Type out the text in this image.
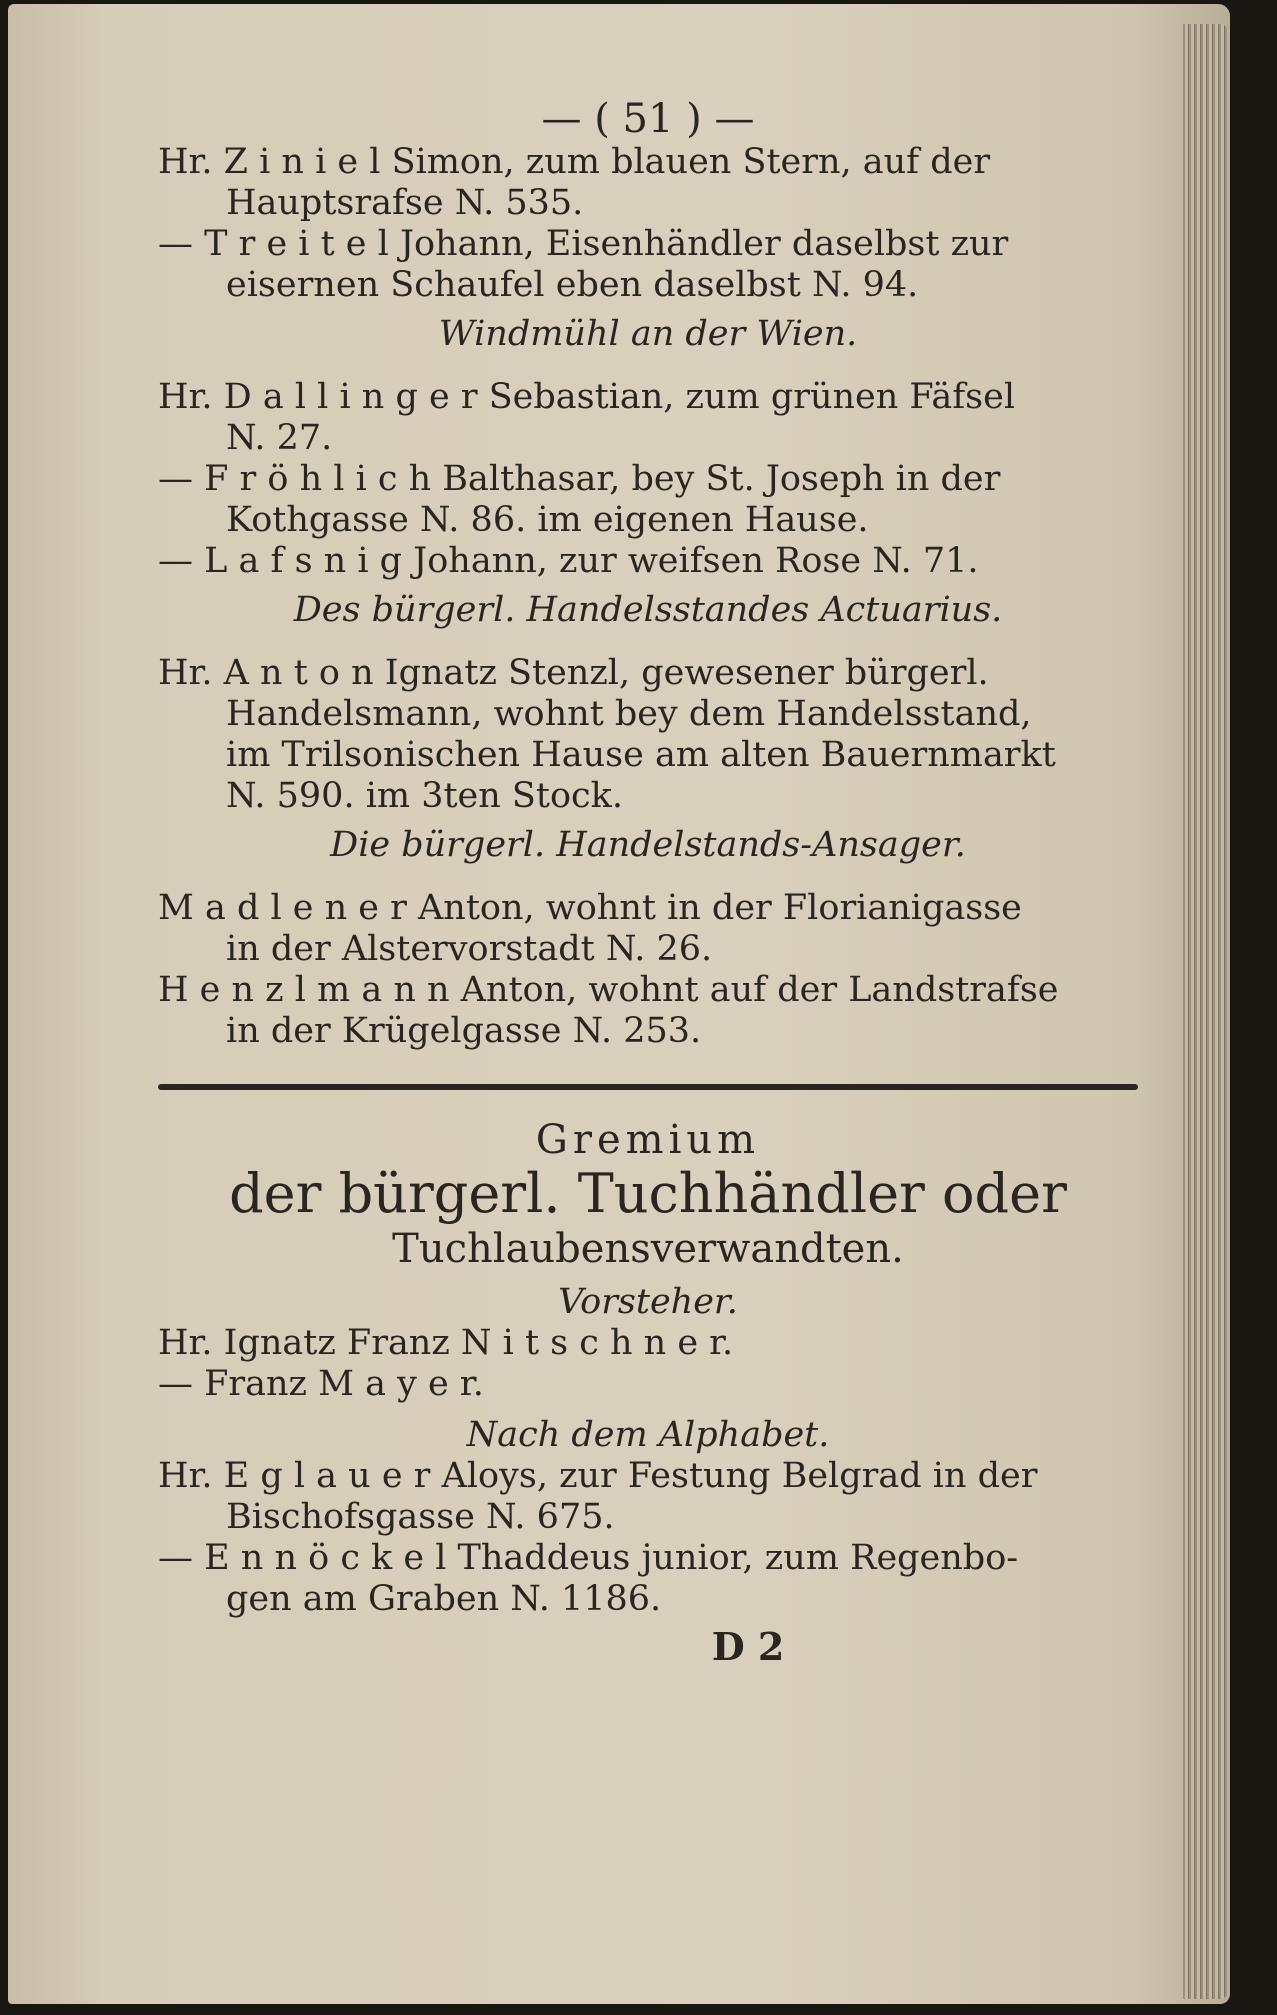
— ( 51 ) —
Hr. Z i n i e l Simon, zum blauen Stern, auf der
Hauptsrafse N. 535.
— T r e i t e l Johann, Eisenhändler daselbst zur
eisernen Schaufel eben daselbst N. 94.
Windmühl an der Wien.
Hr. D a l l i n g e r Sebastian, zum grünen Fäfsel
N. 27.
— F r ö h l i c h Balthasar, bey St. Joseph in der
Kothgasse N. 86. im eigenen Hause.
— L a f s n i g Johann, zur weifsen Rose N. 71.
Des bürgerl. Handelsstandes Actuarius.
Hr. A n t o n Ignatz Stenzl, gewesener bürgerl.
Handelsmann, wohnt bey dem Handelsstand,
im Trilsonischen Hause am alten Bauernmarkt
N. 590. im 3ten Stock.
Die bürgerl. Handelstands-Ansager.
M a d l e n e r Anton, wohnt in der Florianigasse
in der Alstervorstadt N. 26.
H e n z l m a n n Anton, wohnt auf der Landstrafse
in der Krügelgasse N. 253.
Gremium
der bürgerl. Tuchhändler oder
Tuchlaubensverwandten.
Vorsteher.
Hr. Ignatz Franz N i t s c h n e r.
— Franz M a y e r.
Nach dem Alphabet.
Hr. E g l a u e r Aloys, zur Festung Belgrad in der
Bischofsgasse N. 675.
— E n n ö c k e l Thaddeus junior, zum Regenbo-
gen am Graben N. 1186.
D 2
